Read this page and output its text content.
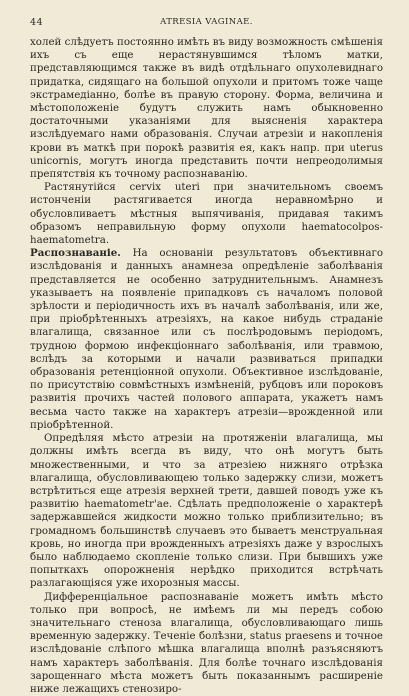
44	ATRESIA VAGINAE.

холей слѣдуетъ постоянно имѣть въ виду возможность смѣшенія ихъ съ еще нерастянувшимся тѣломъ матки, представляющимся также въ видѣ отдѣльнаго опухолевиднаго придатка, сидящаго на большой опухоли и притомъ тоже чаще экстрамедіанно, болѣе въ правую сторону. Форма, величина и мѣстоположеніе будутъ служить намъ обыкновенно достаточными указаніями для выясненія характера изслѣдуемаго нами образованія. Случаи атрезіи и накопленія крови въ маткѣ при порокѣ развитія ея, какъ напр. при uterus unicornis, могутъ иногда представить почти непреодолимыя препятствія къ точному распознаванію.

Растянутійся cervix uteri при значительномъ своемъ истонченіи растягивается иногда неравномѣрно и обусловливаетъ мѣстныя выпячиванія, придавая такимъ образомъ неправильную форму опухоли haematocolpos-haematometra.

Распознаваніе. На основаніи результатовъ объективнаго изслѣдованія и данныхъ анамнеза опредѣленіе заболѣванія представляется не особенно затруднительнымъ. Анамнезъ указываетъ на появленіе припадковъ съ началомъ половой зрѣлости и періодичность ихъ въ началѣ заболѣванія, или же, при пріобрѣтенныхъ атрезіяхъ, на какое нибудь страданіе влагалища, связанное или съ послѣродовымъ періодомъ, трудною формою инфекціоннаго заболѣванія, или травмою, вслѣдъ за которыми и начали развиваться припадки образованія ретенціонной опухоли. Объективное изслѣдованіе, по присутствію совмѣстныхъ измѣненій, рубцовъ или пороковъ развитія прочихъ частей полового аппарата, укажетъ намъ весьма часто также на характеръ атрезіи—врожденной или пріобрѣтенной.

Опредѣляя мѣсто атрезіи на протяженіи влагалища, мы должны имѣть всегда въ виду, что онѣ могутъ быть множественными, и что за атрезіею нижняго отрѣзка влагалища, обусловливающею только задержку слизи, можетъ встрѣтиться еще атрезія верхней трети, давшей поводъ уже къ развитію haematometr'ae. Сдѣлать предположеніе о характерѣ задержавшейся жидкости можно только приблизительно; въ громадномъ большинствѣ случаевъ это бываетъ менструальная кровь, но иногда при врожденныхъ атрезіяхъ даже у взрослыхъ было наблюдаемо скопленіе только слизи. При бывшихъ уже попыткахъ опорожненія нерѣдко приходится встрѣчать разлагающіяся уже ихорозныя массы.

Дифференціальное распознаваніе можетъ имѣть мѣсто только при вопросѣ, не имѣемъ ли мы передъ собою значительнаго стеноза влагалища, обусловливающаго лишь временную задержку. Теченіе болѣзни, status praesens и точное изслѣдованіе слѣпого мѣшка влагалища вполнѣ разъясняютъ намъ характеръ заболѣванія. Для болѣе точнаго изслѣдованія зарощеннаго мѣста можетъ быть показаннымъ расширеніе ниже лежащихъ стенозиро-
